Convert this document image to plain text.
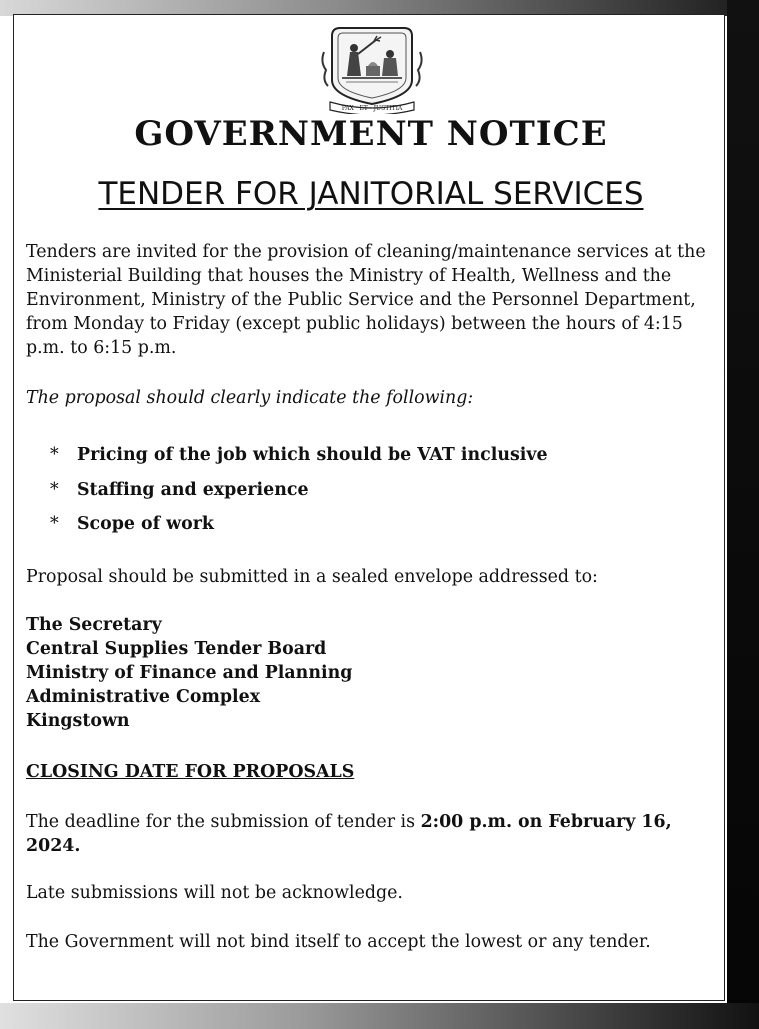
PAX · ET · JUSTITIA
GOVERNMENT NOTICE
TENDER FOR JANITORIAL SERVICES
Tenders are invited for the provision of cleaning/maintenance services at the Ministerial Building that houses the Ministry of Health, Wellness and the Environment, Ministry of the Public Service and the Personnel Department, from Monday to Friday (except public holidays) between the hours of 4:15 p.m. to 6:15 p.m.
The proposal should clearly indicate the following:
* Pricing of the job which should be VAT inclusive
* Staffing and experience
* Scope of work
Proposal should be submitted in a sealed envelope addressed to:
The Secretary
Central Supplies Tender Board
Ministry of Finance and Planning
Administrative Complex
Kingstown
CLOSING DATE FOR PROPOSALS
The deadline for the submission of tender is 2:00 p.m. on February 16, 2024.
Late submissions will not be acknowledge.
The Government will not bind itself to accept the lowest or any tender.
